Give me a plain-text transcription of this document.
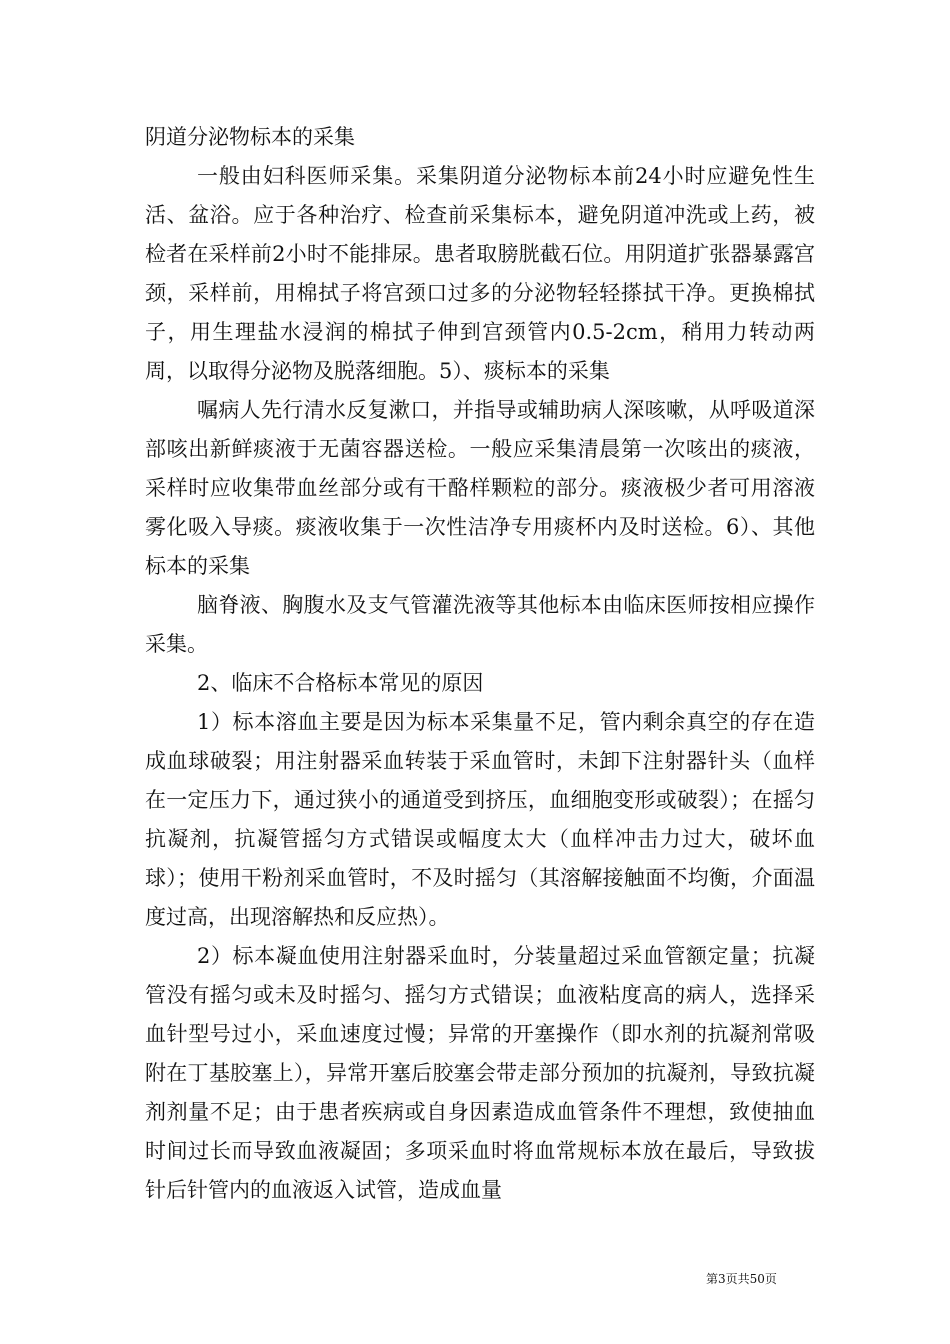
阴道分泌物标本的采集

一般由妇科医师采集。采集阴道分泌物标本前24小时应避免性生活、盆浴。应于各种治疗、检查前采集标本，避免阴道冲洗或上药，被检者在采样前2小时不能排尿。患者取膀胱截石位。用阴道扩张器暴露宫颈，采样前，用棉拭子将宫颈口过多的分泌物轻轻搽拭干净。更换棉拭子，用生理盐水浸润的棉拭子伸到宫颈管内0.5-2cm，稍用力转动两周，以取得分泌物及脱落细胞。5）、痰标本的采集

嘱病人先行清水反复漱口，并指导或辅助病人深咳嗽，从呼吸道深部咳出新鲜痰液于无菌容器送检。一般应采集清晨第一次咳出的痰液，采样时应收集带血丝部分或有干酪样颗粒的部分。痰液极少者可用溶液雾化吸入导痰。痰液收集于一次性洁净专用痰杯内及时送检。6）、其他标本的采集

脑脊液、胸腹水及支气管灌洗液等其他标本由临床医师按相应操作采集。

2、临床不合格标本常见的原因

1）标本溶血主要是因为标本采集量不足，管内剩余真空的存在造成血球破裂；用注射器采血转装于采血管时，未卸下注射器针头（血样在一定压力下，通过狭小的通道受到挤压，血细胞变形或破裂）；在摇匀抗凝剂，抗凝管摇匀方式错误或幅度太大（血样冲击力过大，破坏血球）；使用干粉剂采血管时，不及时摇匀（其溶解接触面不均衡，介面温度过高，出现溶解热和反应热）。

2）标本凝血使用注射器采血时，分装量超过采血管额定量；抗凝管没有摇匀或未及时摇匀、摇匀方式错误；血液粘度高的病人，选择采血针型号过小，采血速度过慢；异常的开塞操作（即水剂的抗凝剂常吸附在丁基胶塞上），异常开塞后胶塞会带走部分预加的抗凝剂，导致抗凝剂剂量不足；由于患者疾病或自身因素造成血管条件不理想，致使抽血时间过长而导致血液凝固；多项采血时将血常规标本放在最后，导致拔针后针管内的血液返入试管，造成血量

第3页共50页
